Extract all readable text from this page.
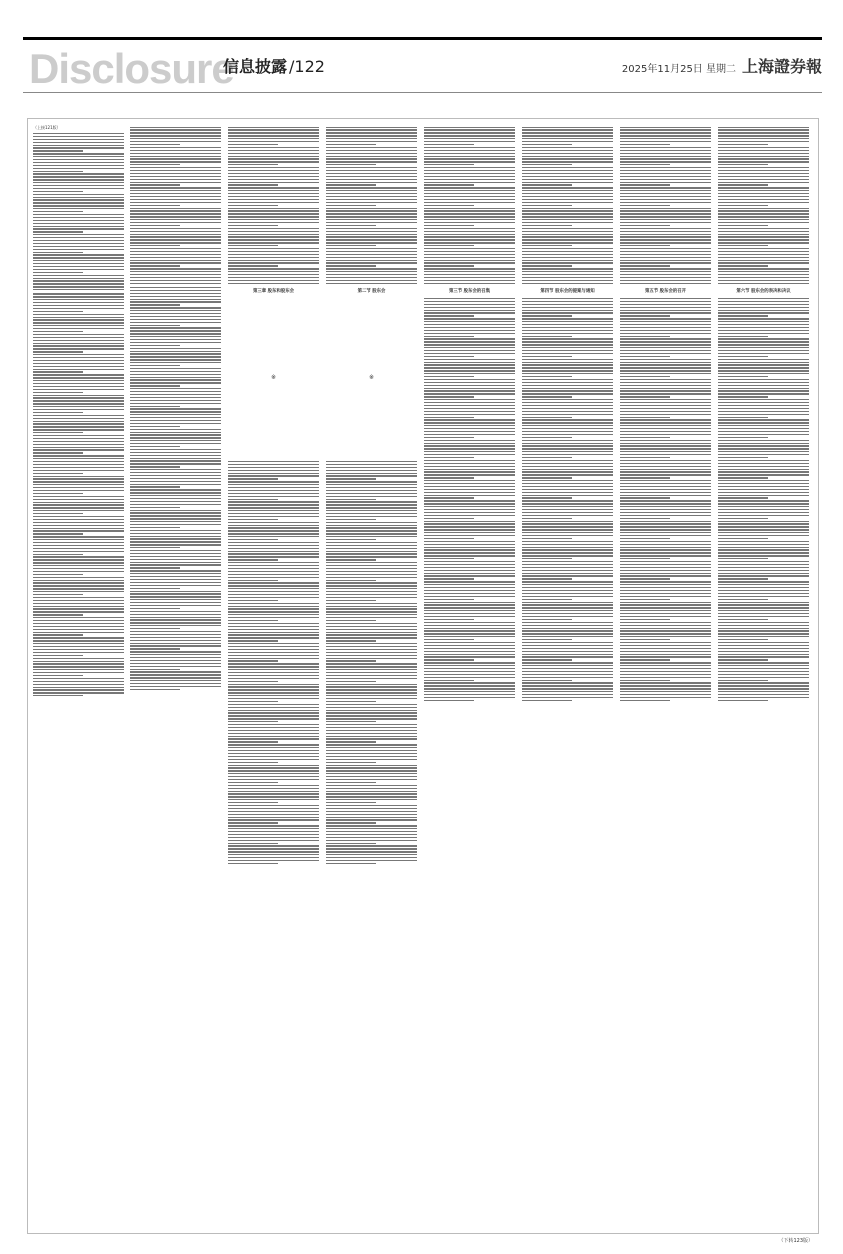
Disclosure
信息披露 /122	2025年11月25日 星期二 上海證券報
（上接121版）
第三章 股东和股东会
※
第二节 股东会
※
第三节 股东会的召集	第四节 股东会的提案与通知	第五节 股东会的召开	第六节 股东会的表决和决议
（下转123版）
